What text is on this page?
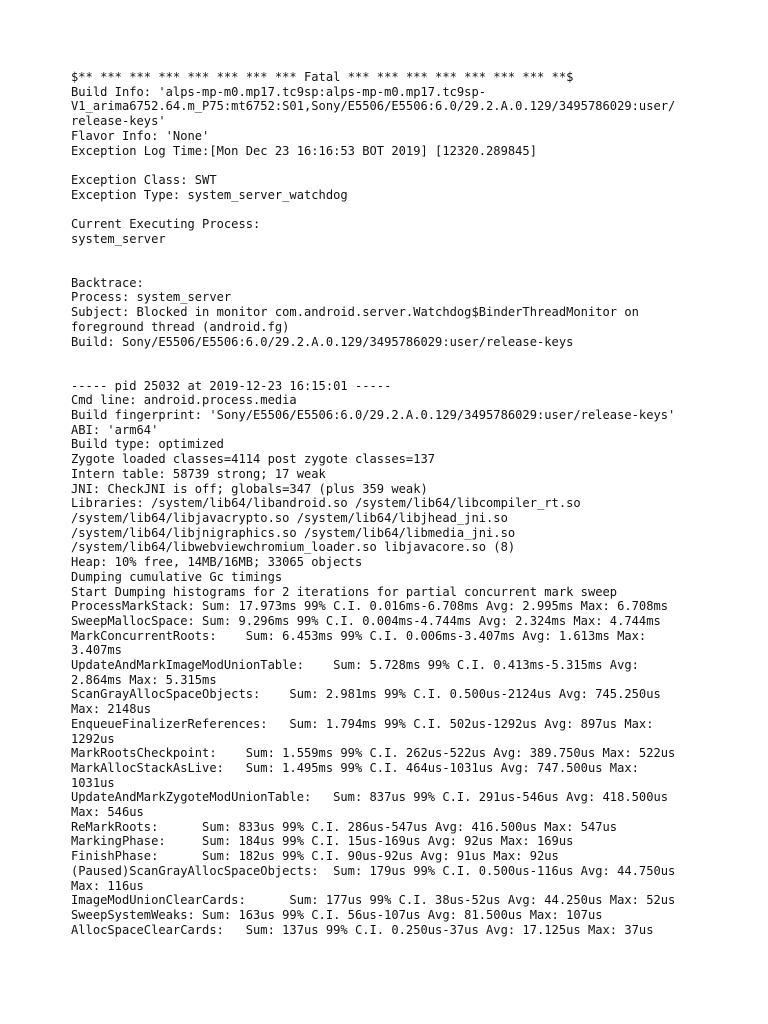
$** *** *** *** *** *** *** *** Fatal *** *** *** *** *** *** *** **$
Build Info: 'alps-mp-m0.mp17.tc9sp:alps-mp-m0.mp17.tc9sp-
V1_arima6752.64.m_P75:mt6752:S01,Sony/E5506/E5506:6.0/29.2.A.0.129/3495786029:user/
release-keys'
Flavor Info: 'None'
Exception Log Time:[Mon Dec 23 16:16:53 BOT 2019] [12320.289845]
Exception Class: SWT
Exception Type: system_server_watchdog
Current Executing Process:
system_server
Backtrace:
Process: system_server
Subject: Blocked in monitor com.android.server.Watchdog$BinderThreadMonitor on
foreground thread (android.fg)
Build: Sony/E5506/E5506:6.0/29.2.A.0.129/3495786029:user/release-keys
----- pid 25032 at 2019-12-23 16:15:01 -----
Cmd line: android.process.media
Build fingerprint: 'Sony/E5506/E5506:6.0/29.2.A.0.129/3495786029:user/release-keys'
ABI: 'arm64'
Build type: optimized
Zygote loaded classes=4114 post zygote classes=137
Intern table: 58739 strong; 17 weak
JNI: CheckJNI is off; globals=347 (plus 359 weak)
Libraries: /system/lib64/libandroid.so /system/lib64/libcompiler_rt.so
/system/lib64/libjavacrypto.so /system/lib64/libjhead_jni.so
/system/lib64/libjnigraphics.so /system/lib64/libmedia_jni.so
/system/lib64/libwebviewchromium_loader.so libjavacore.so (8)
Heap: 10% free, 14MB/16MB; 33065 objects
Dumping cumulative Gc timings
Start Dumping histograms for 2 iterations for partial concurrent mark sweep
ProcessMarkStack: Sum: 17.973ms 99% C.I. 0.016ms-6.708ms Avg: 2.995ms Max: 6.708ms
SweepMallocSpace: Sum: 9.296ms 99% C.I. 0.004ms-4.744ms Avg: 2.324ms Max: 4.744ms
MarkConcurrentRoots:    Sum: 6.453ms 99% C.I. 0.006ms-3.407ms Avg: 1.613ms Max:
3.407ms
UpdateAndMarkImageModUnionTable:    Sum: 5.728ms 99% C.I. 0.413ms-5.315ms Avg:
2.864ms Max: 5.315ms
ScanGrayAllocSpaceObjects:    Sum: 2.981ms 99% C.I. 0.500us-2124us Avg: 745.250us
Max: 2148us
EnqueueFinalizerReferences:   Sum: 1.794ms 99% C.I. 502us-1292us Avg: 897us Max:
1292us
MarkRootsCheckpoint:    Sum: 1.559ms 99% C.I. 262us-522us Avg: 389.750us Max: 522us
MarkAllocStackAsLive:   Sum: 1.495ms 99% C.I. 464us-1031us Avg: 747.500us Max:
1031us
UpdateAndMarkZygoteModUnionTable:   Sum: 837us 99% C.I. 291us-546us Avg: 418.500us
Max: 546us
ReMarkRoots:      Sum: 833us 99% C.I. 286us-547us Avg: 416.500us Max: 547us
MarkingPhase:     Sum: 184us 99% C.I. 15us-169us Avg: 92us Max: 169us
FinishPhase:      Sum: 182us 99% C.I. 90us-92us Avg: 91us Max: 92us
(Paused)ScanGrayAllocSpaceObjects:  Sum: 179us 99% C.I. 0.500us-116us Avg: 44.750us
Max: 116us
ImageModUnionClearCards:      Sum: 177us 99% C.I. 38us-52us Avg: 44.250us Max: 52us
SweepSystemWeaks: Sum: 163us 99% C.I. 56us-107us Avg: 81.500us Max: 107us
AllocSpaceClearCards:   Sum: 137us 99% C.I. 0.250us-37us Avg: 17.125us Max: 37us
